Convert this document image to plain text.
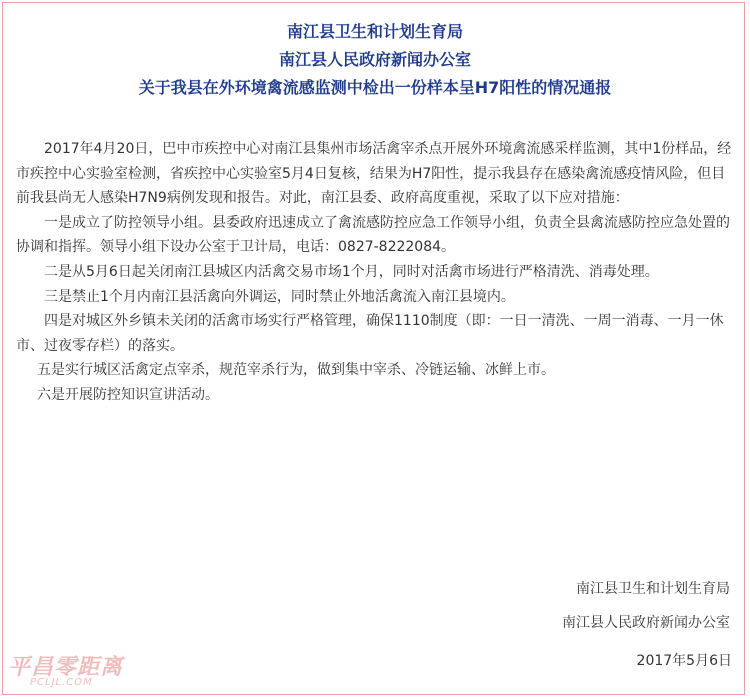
南江县卫生和计划生育局
南江县人民政府新闻办公室
关于我县在外环境禽流感监测中检出一份样本呈H7阳性的情况通报

2017年4月20日，巴中市疾控中心对南江县集州市场活禽宰杀点开展外环境禽流感采样监测，其中1份样品，经市疾控中心实验室检测，省疾控中心实验室5月4日复核，结果为H7阳性，提示我县存在感染禽流感疫情风险，但目前我县尚无人感染H7N9病例发现和报告。对此，南江县委、政府高度重视，采取了以下应对措施：

一是成立了防控领导小组。县委政府迅速成立了禽流感防控应急工作领导小组，负责全县禽流感防控应急处置的协调和指挥。领导小组下设办公室于卫计局，电话：0827-8222084。

二是从5月6日起关闭南江县城区内活禽交易市场1个月，同时对活禽市场进行严格清洗、消毒处理。

三是禁止1个月内南江县活禽向外调运，同时禁止外地活禽流入南江县境内。

四是对城区外乡镇未关闭的活禽市场实行严格管理，确保1110制度（即：一日一清洗、一周一消毒、一月一休市、过夜零存栏）的落实。

五是实行城区活禽定点宰杀，规范宰杀行为，做到集中宰杀、冷链运输、冰鲜上市。

六是开展防控知识宣讲活动。

南江县卫生和计划生育局
南江县人民政府新闻办公室
2017年5月6日
平昌零距离
PCLJL.COM
